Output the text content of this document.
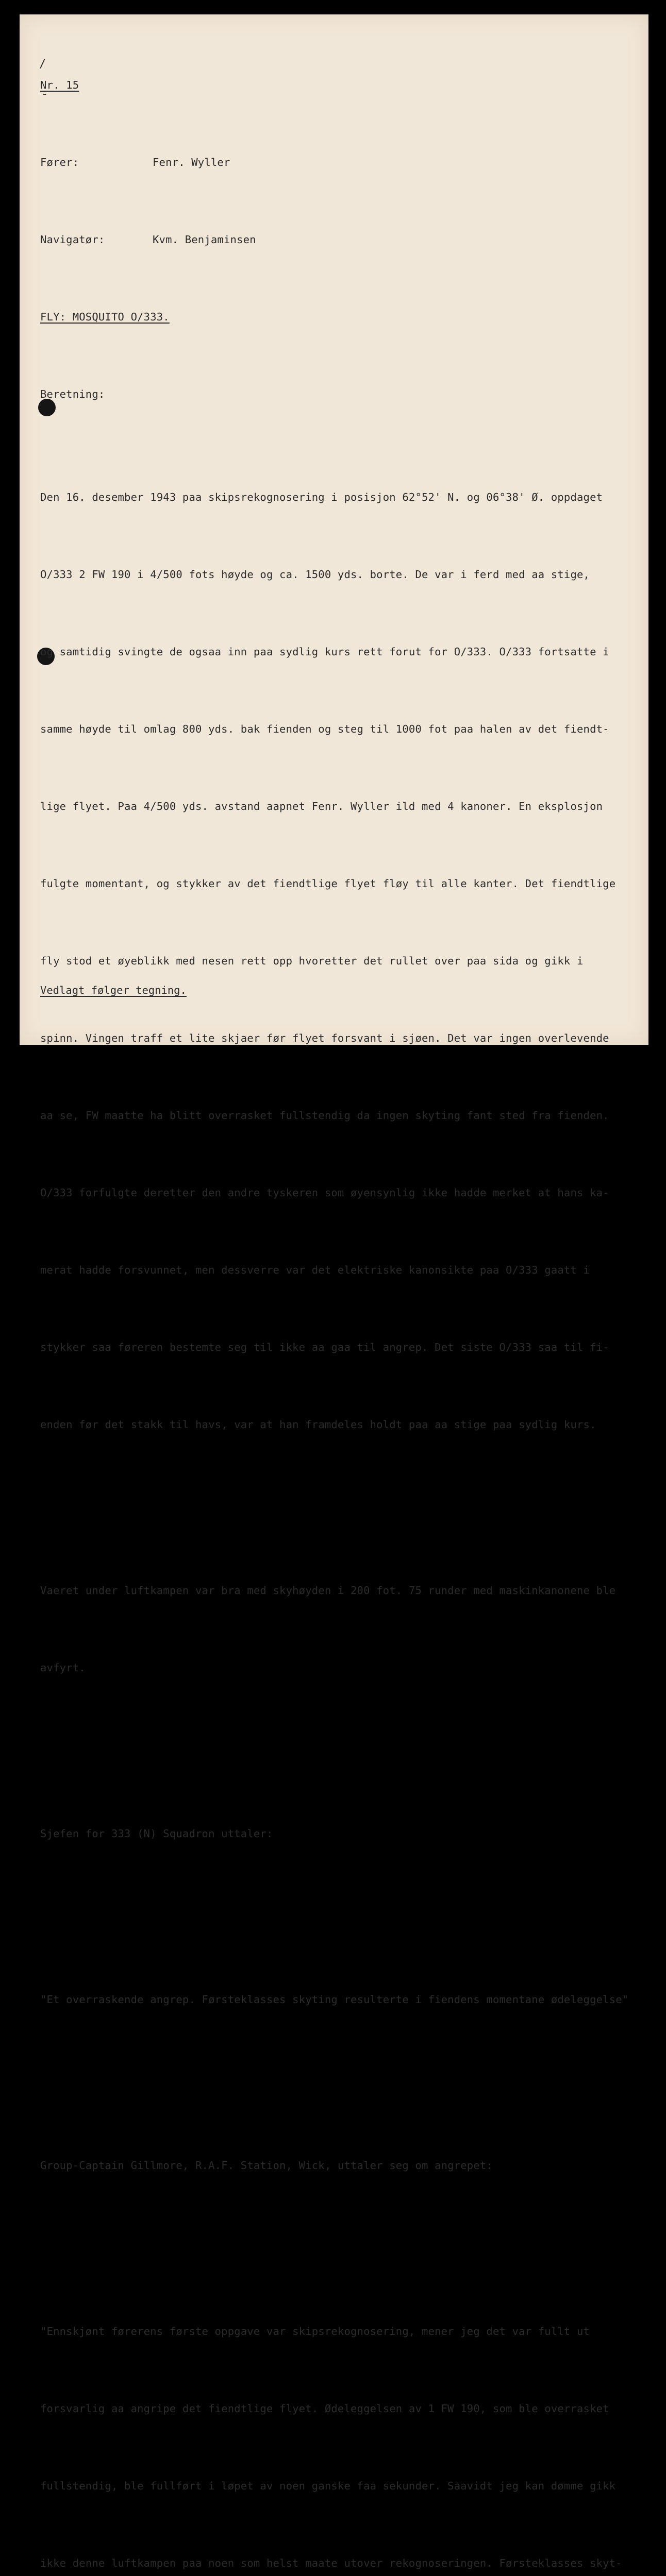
/
-

Nr. 15

Fører:	Fenr. Wyller

Navigatør:	Kvm. Benjaminsen

FLY: MOSQUITO O/333.

Beretning:

Den 16. desember 1943 paa skipsrekognosering i posisjon 62°52' N. og 06°38' Ø. oppdaget

O/333 2 FW 190 i 4/500 fots høyde og ca. 1500 yds. borte. De var i ferd med aa stige,

og samtidig svingte de ogsaa inn paa sydlig kurs rett forut for O/333. O/333 fortsatte i

samme høyde til omlag 800 yds. bak fienden og steg til 1000 fot paa halen av det fiendt-

lige flyet. Paa 4/500 yds. avstand aapnet Fenr. Wyller ild med 4 kanoner. En eksplosjon

fulgte momentant, og stykker av det fiendtlige flyet fløy til alle kanter. Det fiendtlige

fly stod et øyeblikk med nesen rett opp hvoretter det rullet over paa sida og gikk i

spinn. Vingen traff et lite skjaer før flyet forsvant i sjøen. Det var ingen overlevende

aa se, FW maatte ha blitt overrasket fullstendig da ingen skyting fant sted fra fienden.

O/333 forfulgte deretter den andre tyskeren som øyensynlig ikke hadde merket at hans ka-

merat hadde forsvunnet, men dessverre var det elektriske kanonsikte paa O/333 gaatt i

stykker saa føreren bestemte seg til ikke aa gaa til angrep. Det siste O/333 saa til fi-

enden før det stakk til havs, var at han framdeles holdt paa aa stige paa sydlig kurs.

Vaeret under luftkampen var bra med skyhøyden i 200 fot. 75 runder med maskinkanonene ble

avfyrt.

Sjefen for 333 (N) Squadron uttaler:

"Et overraskende angrep. Førsteklasses skyting resulterte i fiendens momentane ødeleggelse"

Group-Captain Gillmore, R.A.F. Station, Wick, uttaler seg om angrepet:

"Ennskjønt førerens første oppgave var skipsrekognosering, mener jeg det var fullt ut

forsvarlig aa angripe det fiendtlige flyet. Ødeleggelsen av 1 FW 190, som ble overrasket

fullstendig, ble fullført i løpet av noen ganske faa sekunder. Saavidt jeg kan dømme gikk

ikke denne luftkampen paa noen som helst maate utover rekognoseringen. Førsteklasses skyt-

Vedlagt følger tegning.
